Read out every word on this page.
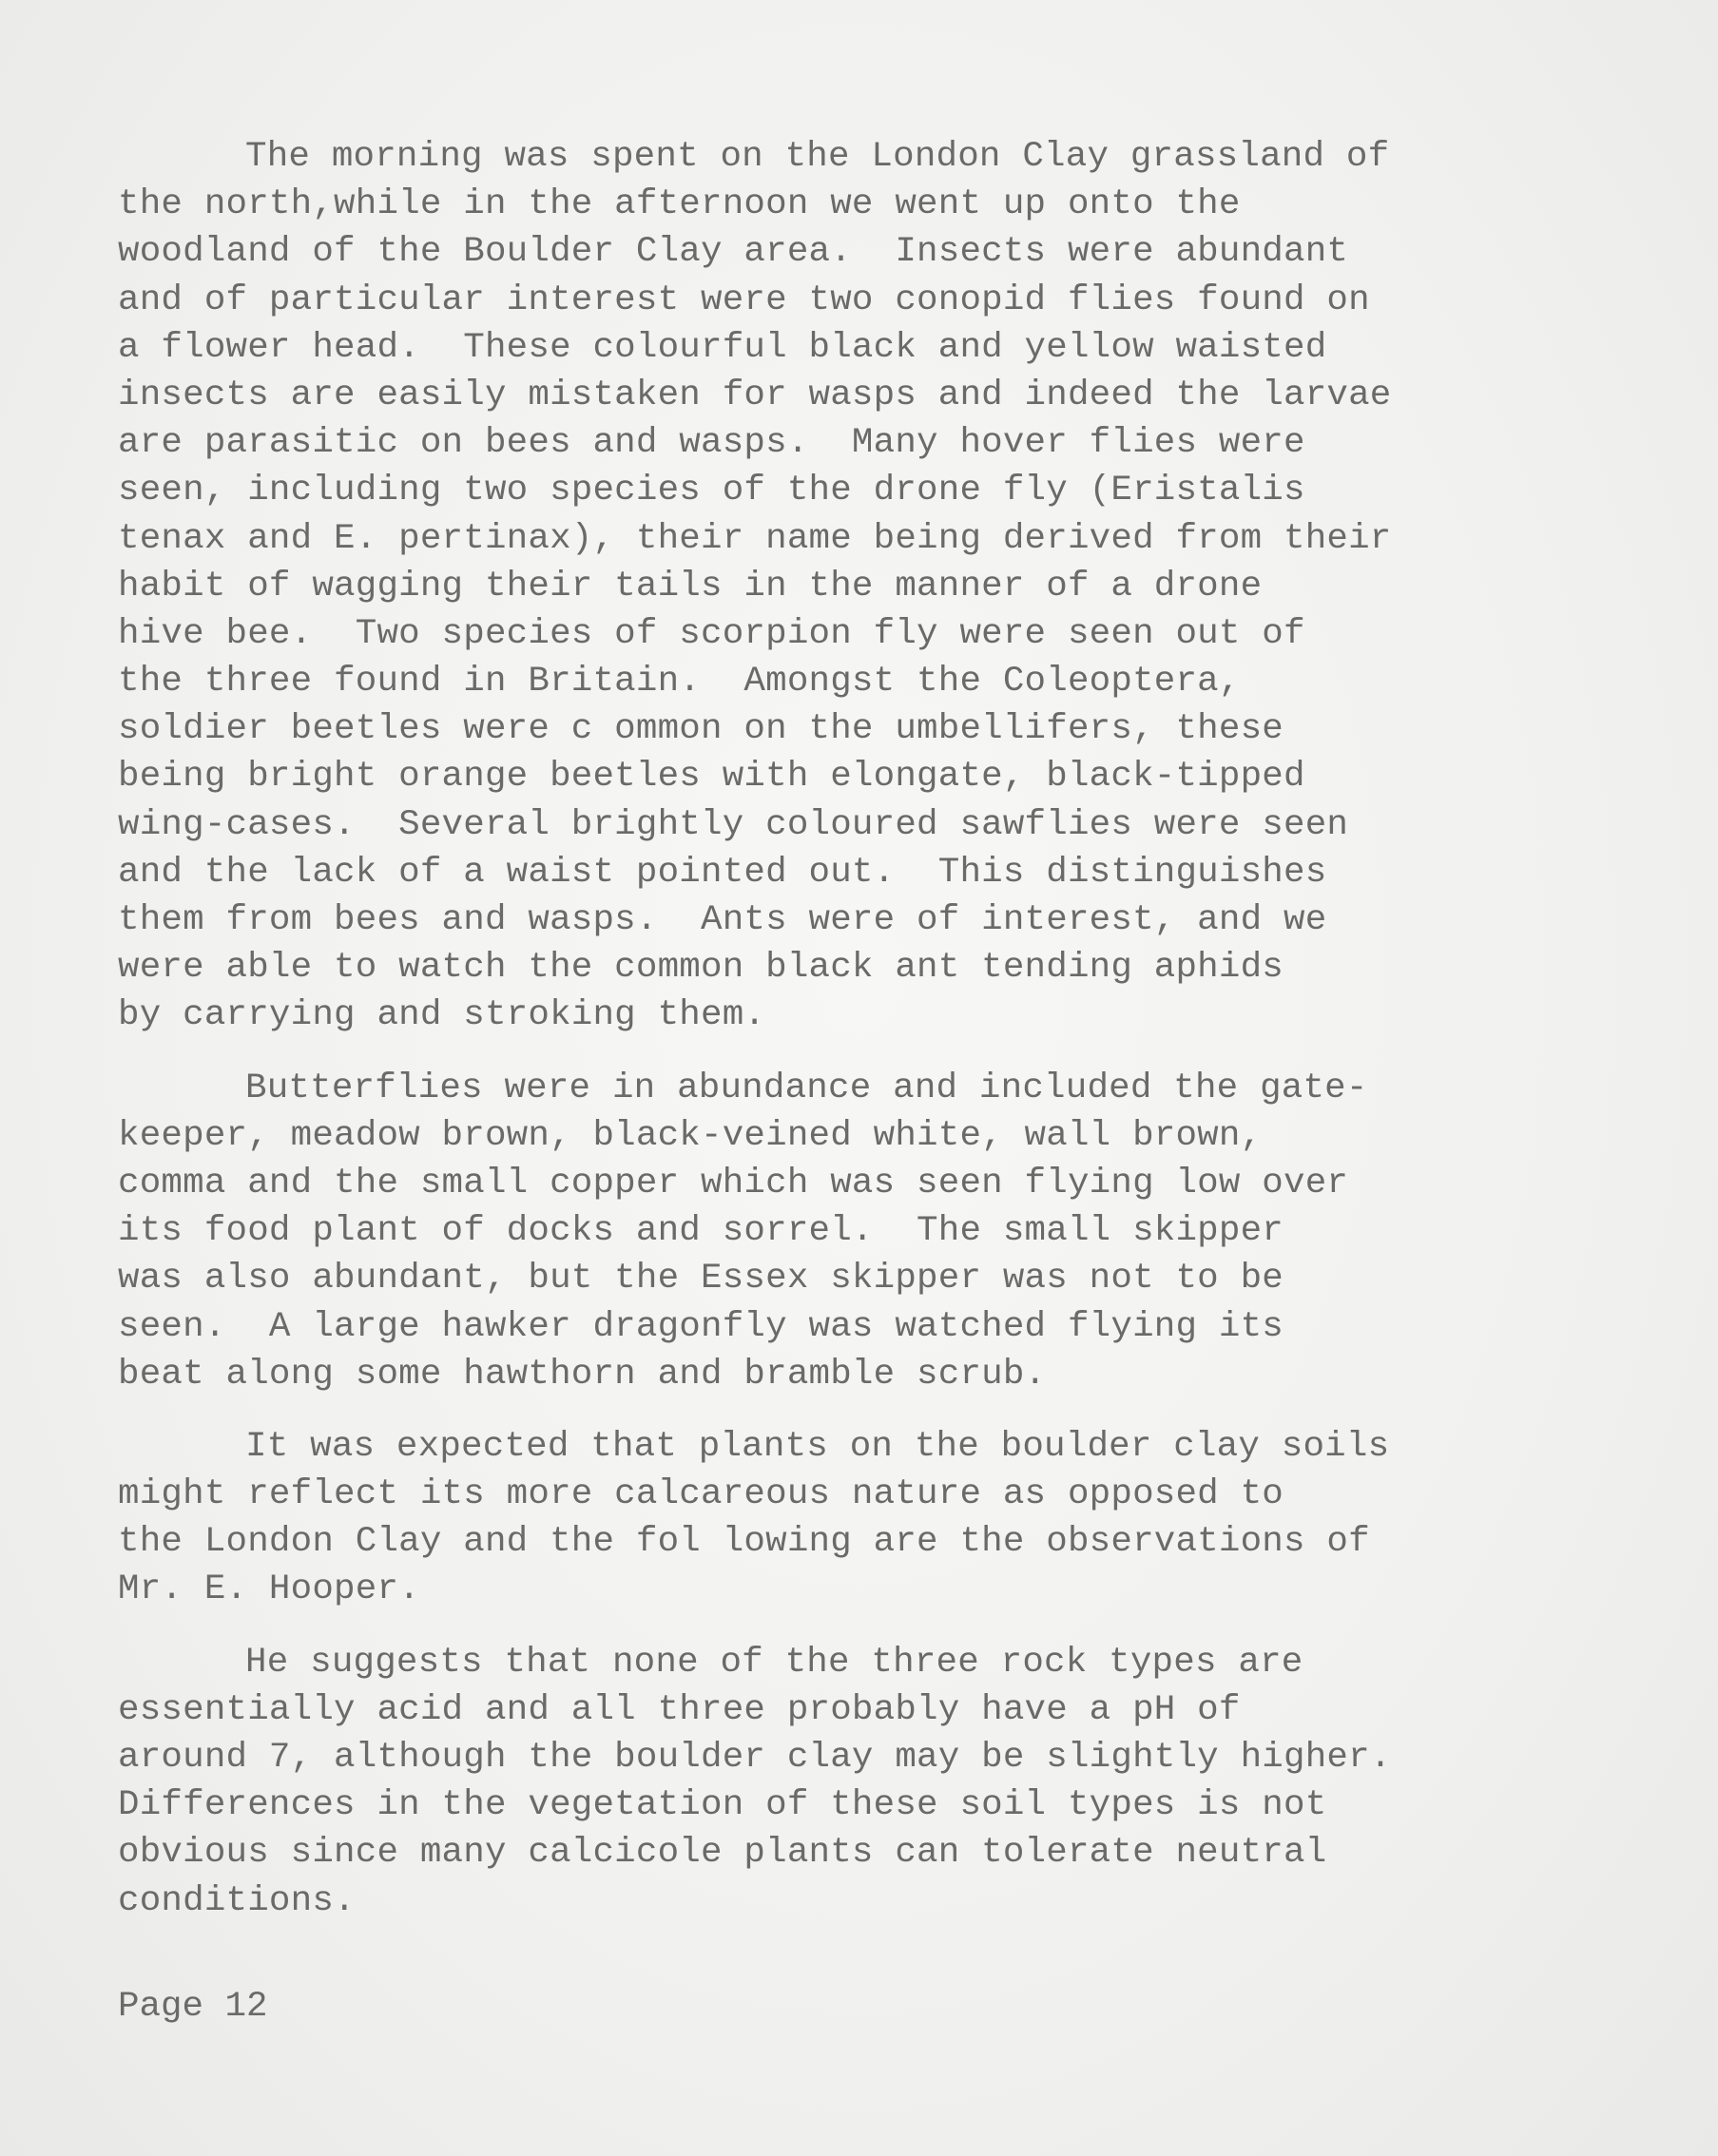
The morning was spent on the London Clay grassland of
the north,while in the afternoon we went up onto the
woodland of the Boulder Clay area.  Insects were abundant
and of particular interest were two conopid flies found on
a flower head.  These colourful black and yellow waisted
insects are easily mistaken for wasps and indeed the larvae
are parasitic on bees and wasps.  Many hover flies were
seen, including two species of the drone fly (Eristalis
tenax and E. pertinax), their name being derived from their
habit of wagging their tails in the manner of a drone
hive bee.  Two species of scorpion fly were seen out of
the three found in Britain.  Amongst the Coleoptera,
soldier beetles were c ommon on the umbellifers, these
being bright orange beetles with elongate, black-tipped
wing-cases.  Several brightly coloured sawflies were seen
and the lack of a waist pointed out.  This distinguishes
them from bees and wasps.  Ants were of interest, and we
were able to watch the common black ant tending aphids
by carrying and stroking them.
Butterflies were in abundance and included the gate-
keeper, meadow brown, black-veined white, wall brown,
comma and the small copper which was seen flying low over
its food plant of docks and sorrel.  The small skipper
was also abundant, but the Essex skipper was not to be
seen.  A large hawker dragonfly was watched flying its
beat along some hawthorn and bramble scrub.
It was expected that plants on the boulder clay soils
might reflect its more calcareous nature as opposed to
the London Clay and the fol lowing are the observations of
Mr. E. Hooper.
He suggests that none of the three rock types are
essentially acid and all three probably have a pH of
around 7, although the boulder clay may be slightly higher.
Differences in the vegetation of these soil types is not
obvious since many calcicole plants can tolerate neutral
conditions.
Page 12
